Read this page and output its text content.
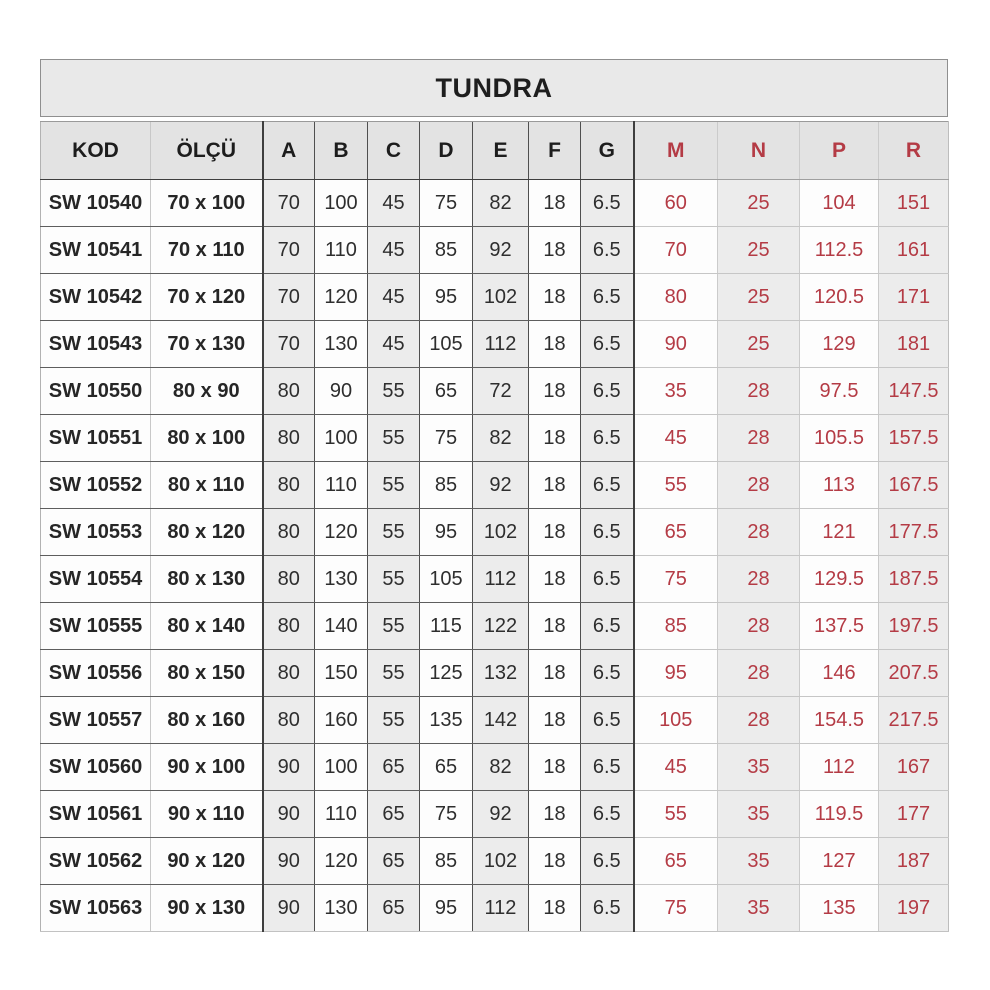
TUNDRA
KOD	ÖLÇÜ	A	B	C	D	E	F	G	M	N	P	R
SW 10540	70 x 100	70	100	45	75	82	18	6.5	60	25	104	151
SW 10541	70 x 110	70	110	45	85	92	18	6.5	70	25	112.5	161
SW 10542	70 x 120	70	120	45	95	102	18	6.5	80	25	120.5	171
SW 10543	70 x 130	70	130	45	105	112	18	6.5	90	25	129	181
SW 10550	80 x 90	80	90	55	65	72	18	6.5	35	28	97.5	147.5
SW 10551	80 x 100	80	100	55	75	82	18	6.5	45	28	105.5	157.5
SW 10552	80 x 110	80	110	55	85	92	18	6.5	55	28	113	167.5
SW 10553	80 x 120	80	120	55	95	102	18	6.5	65	28	121	177.5
SW 10554	80 x 130	80	130	55	105	112	18	6.5	75	28	129.5	187.5
SW 10555	80 x 140	80	140	55	115	122	18	6.5	85	28	137.5	197.5
SW 10556	80 x 150	80	150	55	125	132	18	6.5	95	28	146	207.5
SW 10557	80 x 160	80	160	55	135	142	18	6.5	105	28	154.5	217.5
SW 10560	90 x 100	90	100	65	65	82	18	6.5	45	35	112	167
SW 10561	90 x 110	90	110	65	75	92	18	6.5	55	35	119.5	177
SW 10562	90 x 120	90	120	65	85	102	18	6.5	65	35	127	187
SW 10563	90 x 130	90	130	65	95	112	18	6.5	75	35	135	197
